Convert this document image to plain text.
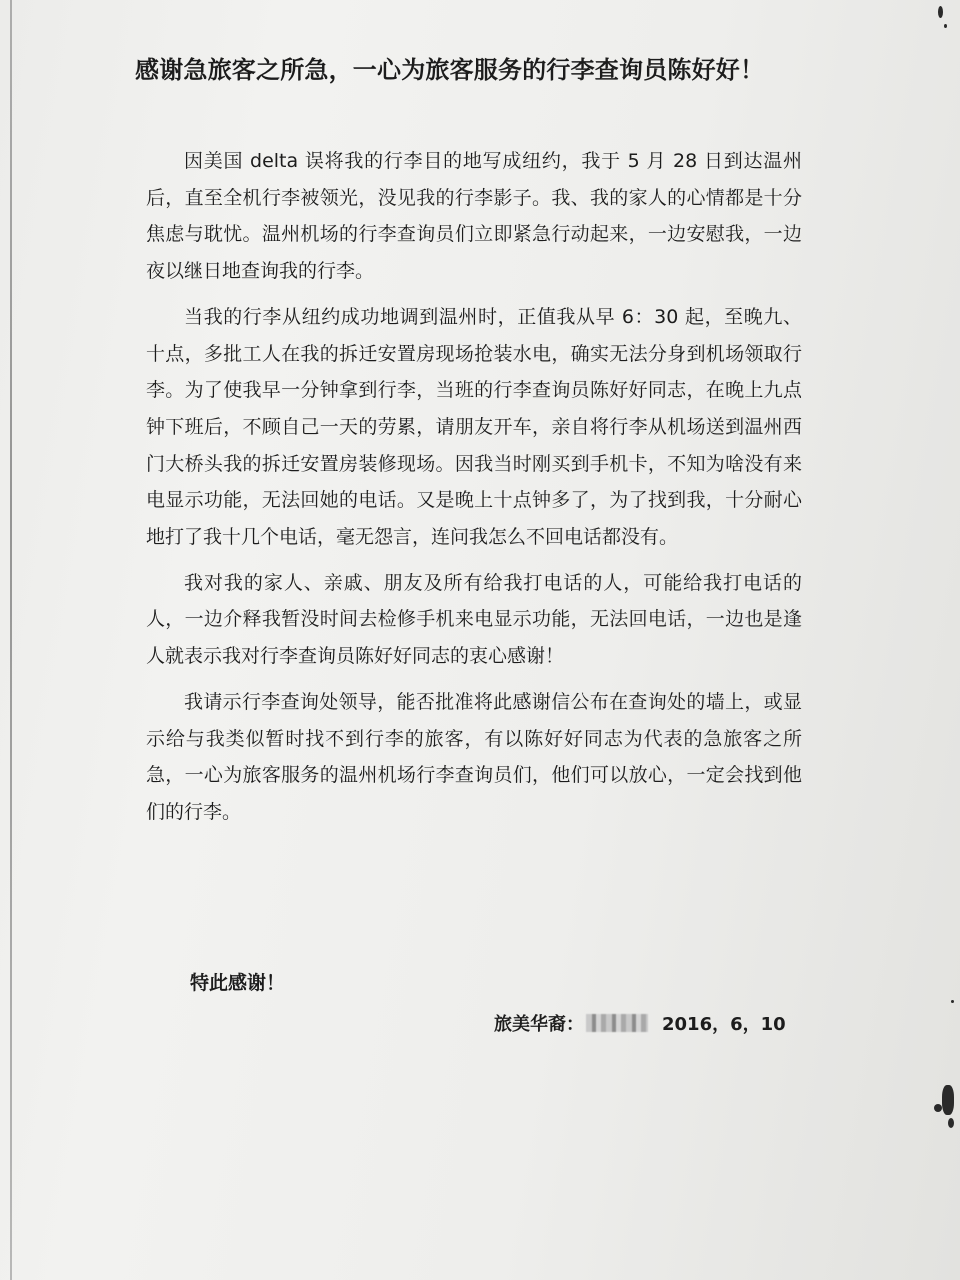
感谢急旅客之所急，一心为旅客服务的行李查询员陈好好！

因美国 delta 误将我的行李目的地写成纽约，我于 5 月 28 日到达温州后，直至全机行李被领光，没见我的行李影子。我、我的家人的心情都是十分焦虑与耽忧。温州机场的行李查询员们立即紧急行动起来，一边安慰我，一边夜以继日地查询我的行李。

当我的行李从纽约成功地调到温州时，正值我从早 6：30 起，至晚九、十点，多批工人在我的拆迁安置房现场抢装水电，确实无法分身到机场领取行李。为了使我早一分钟拿到行李，当班的行李查询员陈好好同志，在晚上九点钟下班后，不顾自己一天的劳累，请朋友开车，亲自将行李从机场送到温州西门大桥头我的拆迁安置房装修现场。因我当时刚买到手机卡，不知为啥没有来电显示功能，无法回她的电话。又是晚上十点钟多了，为了找到我，十分耐心地打了我十几个电话，毫无怨言，连问我怎么不回电话都没有。

我对我的家人、亲戚、朋友及所有给我打电话的人，可能给我打电话的人，一边介释我暂没时间去检修手机来电显示功能，无法回电话，一边也是逢人就表示我对行李查询员陈好好同志的衷心感谢！

我请示行李查询处领导，能否批准将此感谢信公布在查询处的墙上，或显示给与我类似暂时找不到行李的旅客，有以陈好好同志为代表的急旅客之所急，一心为旅客服务的温州机场行李查询员们，他们可以放心，一定会找到他们的行李。

特此感谢！
旅美华裔：	2016，6，10
